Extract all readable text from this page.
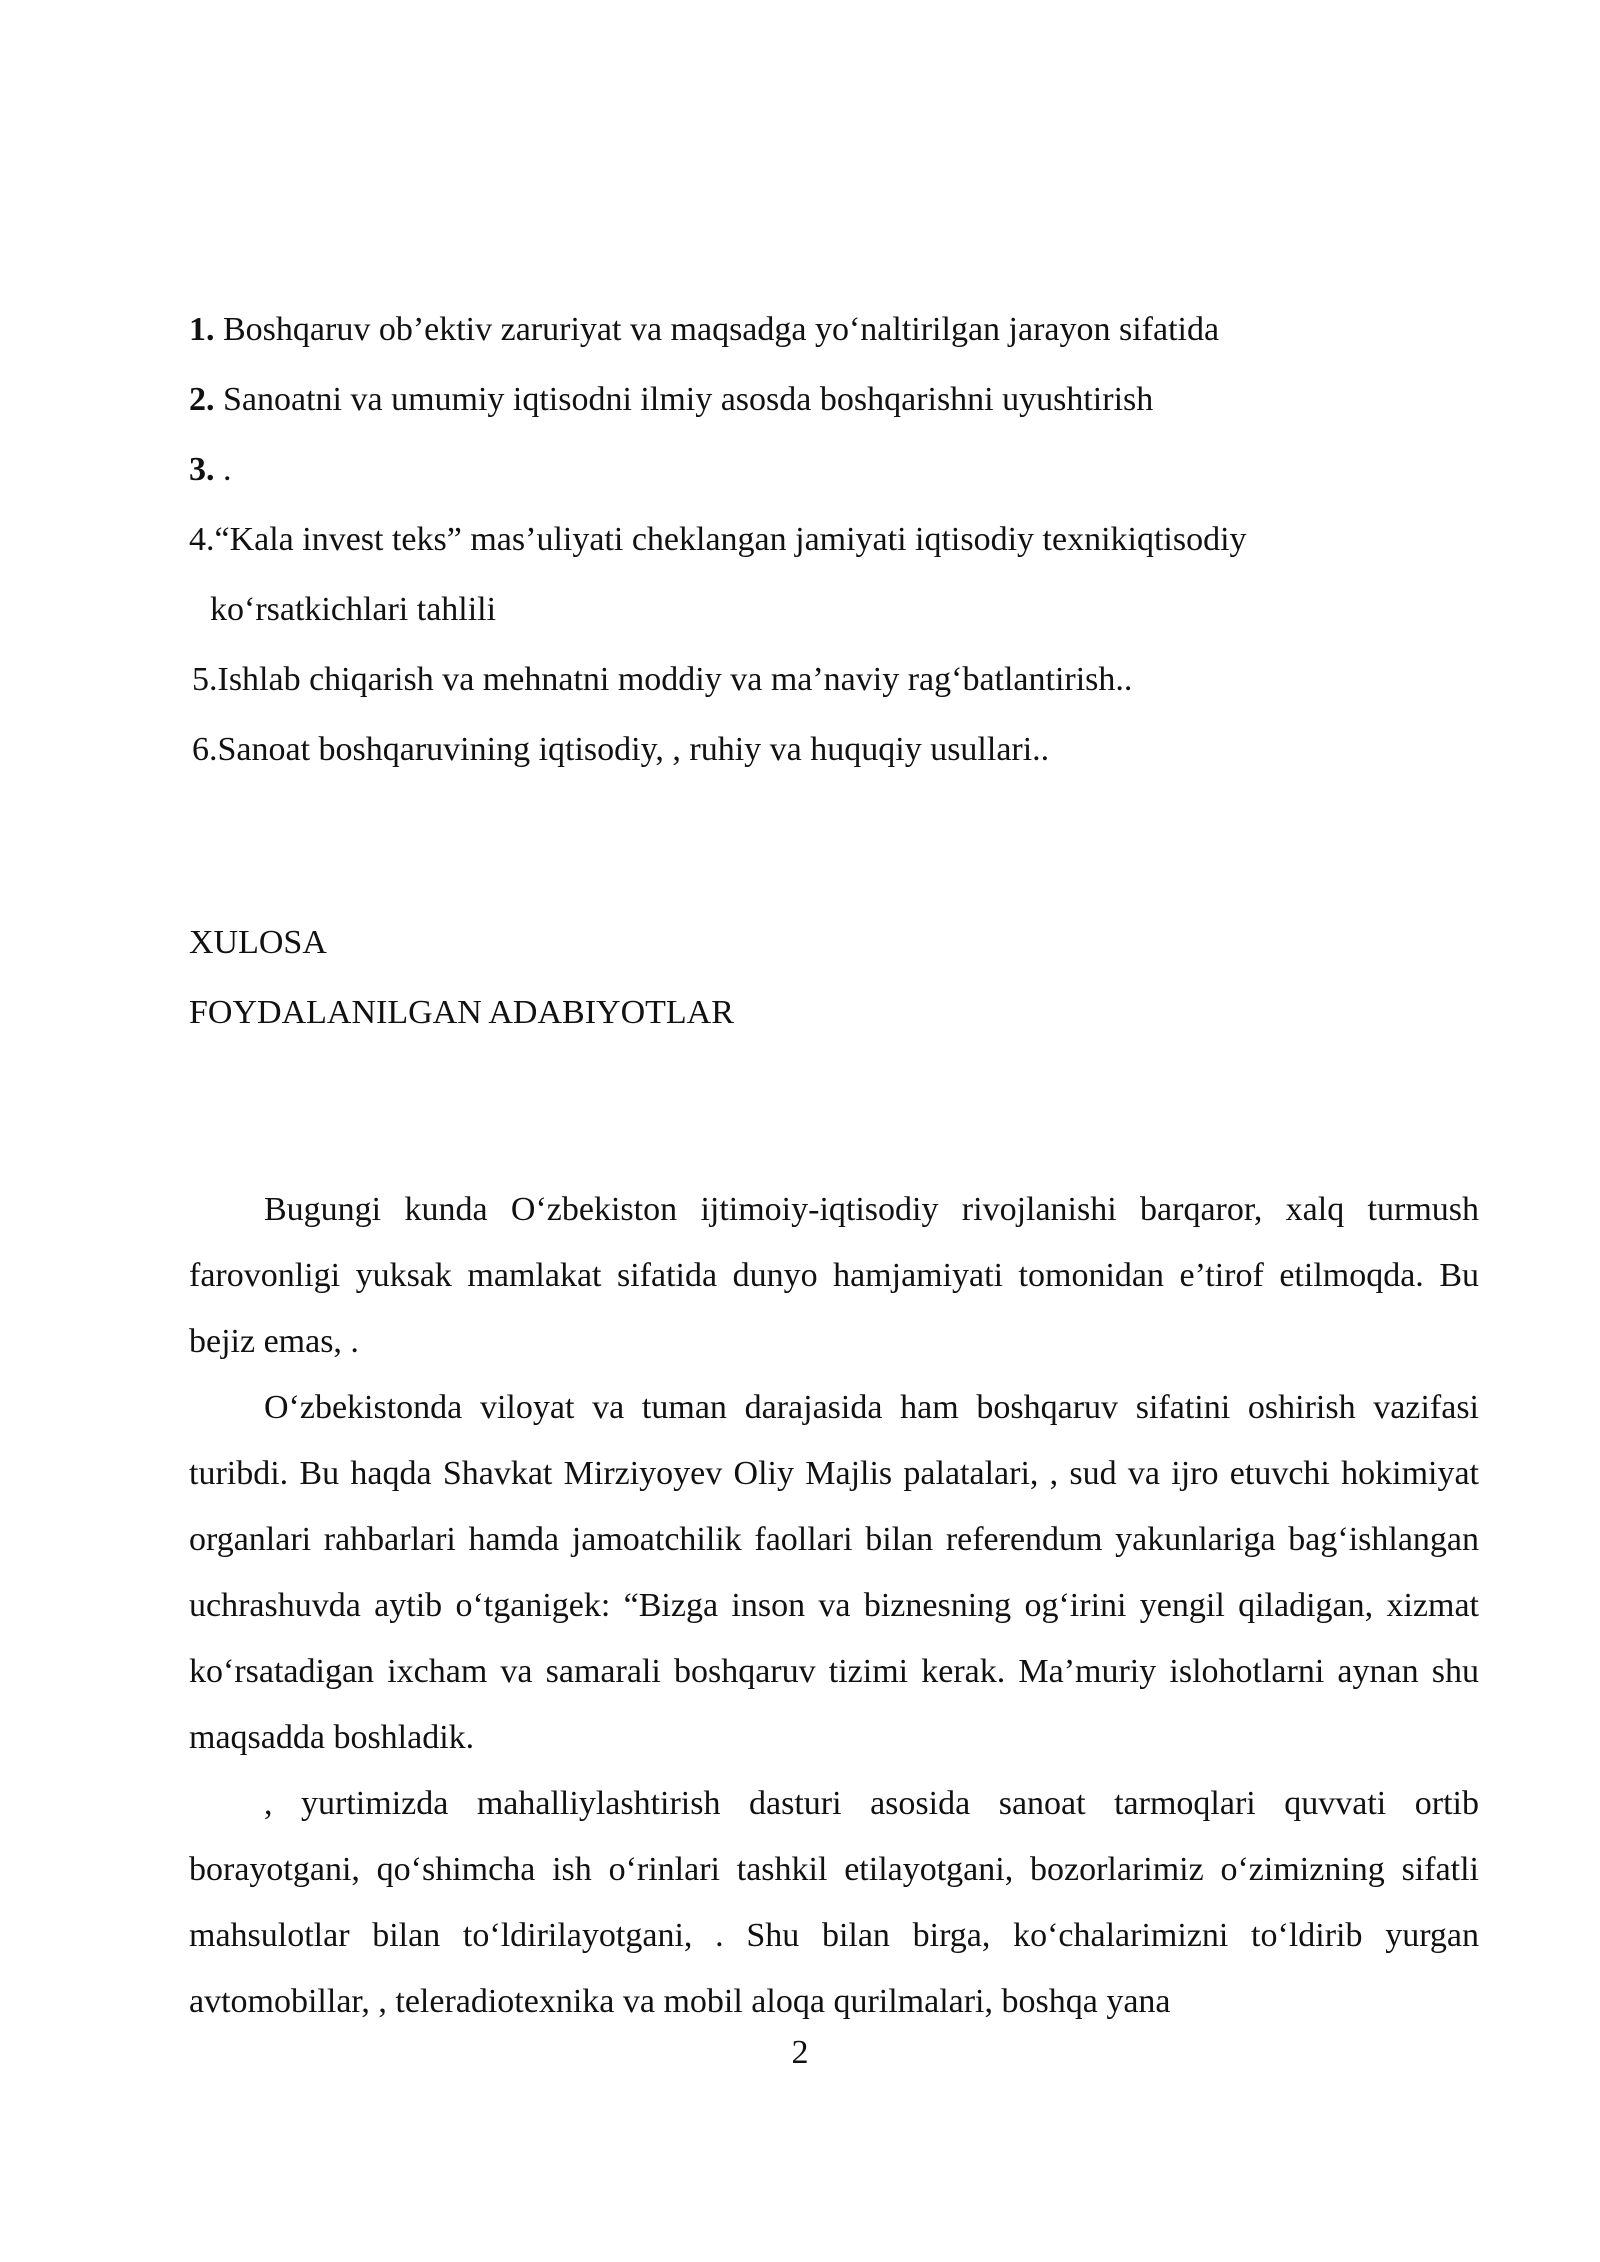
1. Boshqaruv ob’ektiv zaruriyat va maqsadga yo‘naltirilgan jarayon sifatida
2. Sanoatni va umumiy iqtisodni ilmiy asosda boshqarishni uyushtirish
3. .
4.“Kala invest teks” mas’uliyati cheklangan jamiyati iqtisodiy texnikiqtisodiy
ko‘rsatkichlari tahlili
5.Ishlab chiqarish va mehnatni moddiy va ma’naviy rag‘batlantirish..
6.Sanoat boshqaruvining iqtisodiy, , ruhiy va huquqiy usullari..
XULOSA
FOYDALANILGAN ADABIYOTLAR

Bugungi kunda O‘zbekiston ijtimoiy-iqtisodiy rivojlanishi barqaror, xalq turmush farovonligi yuksak mamlakat sifatida dunyo hamjamiyati tomonidan e’tirof etilmoqda. Bu bejiz emas, .

O‘zbekistonda viloyat va tuman darajasida ham boshqaruv sifatini oshirish vazifasi turibdi. Bu haqda Shavkat Mirziyoyev Oliy Majlis palatalari, , sud va ijro etuvchi hokimiyat organlari rahbarlari hamda jamoatchilik faollari bilan referendum yakunlariga bag‘ishlangan uchrashuvda aytib o‘tganigek: “Bizga inson va biznesning og‘irini yengil qiladigan, xizmat ko‘rsatadigan ixcham va samarali boshqaruv tizimi kerak. Ma’muriy islohotlarni aynan shu maqsadda boshladik.

, yurtimizda mahalliylashtirish dasturi asosida sanoat tarmoqlari quvvati ortib borayotgani, qo‘shimcha ish o‘rinlari tashkil etilayotgani, bozorlarimiz o‘zimizning sifatli mahsulotlar bilan to‘ldirilayotgani, . Shu bilan birga, ko‘chalarimizni to‘ldirib yurgan avtomobillar, , teleradiotexnika va mobil aloqa qurilmalari, boshqa yana

2
